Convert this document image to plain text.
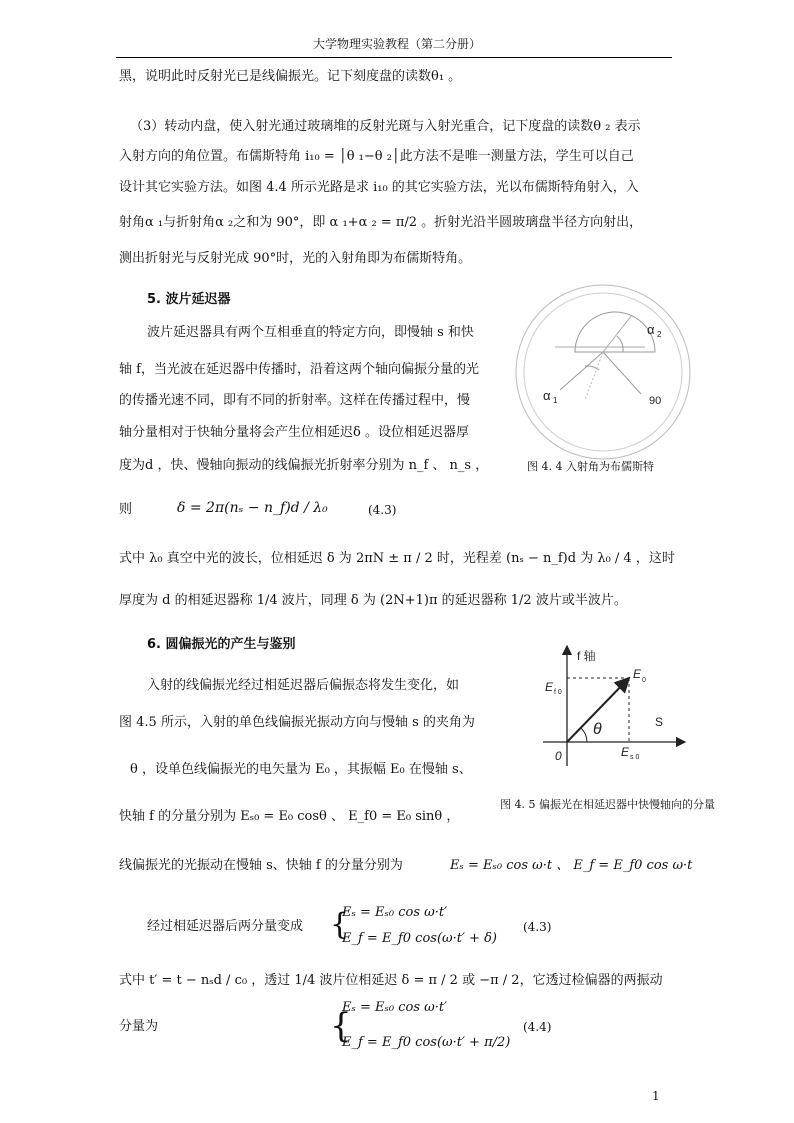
大学物理实验教程（第二分册）
黑，说明此时反射光已是线偏振光。记下刻度盘的读数θ₁ 。
（3）转动内盘，使入射光通过玻璃堆的反射光斑与入射光重合，记下度盘的读数θ ₂ 表示
入射方向的角位置。布儒斯特角 i₁₀ = │θ ₁−θ ₂│此方法不是唯一测量方法，学生可以自己
设计其它实验方法。如图 4.4 所示光路是求 i₁₀ 的其它实验方法，光以布儒斯特角射入，入
射角α ₁与折射角α ₂之和为 90°，即 α ₁+α ₂ = π/2 。折射光沿半圆玻璃盘半径方向射出，
测出折射光与反射光成 90°时，光的入射角即为布儒斯特角。
5. 波片延迟器
波片延迟器具有两个互相垂直的特定方向，即慢轴 s 和快
轴 f，当光波在延迟器中传播时，沿着这两个轴向偏振分量的光
的传播光速不同，即有不同的折射率。这样在传播过程中，慢
轴分量相对于快轴分量将会产生位相延迟δ 。设位相延迟器厚
度为d ，快、慢轴向振动的线偏振光折射率分别为 n_f 、 n_s ，
α 2
α 1	90
图 4. 4 入射角为布儒斯特
则	δ = 2π(nₛ − n_f)d / λ₀	(4.3)
式中 λ₀ 真空中光的波长，位相延迟 δ 为 2πN ± π / 2 时，光程差 (nₛ − n_f)d 为 λ₀ / 4 ，这时
厚度为 d 的相延迟器称 1/4 波片，同理 δ 为 (2N+1)π 的延迟器称 1/2 波片或半波片。
6. 圆偏振光的产生与鉴别
入射的线偏振光经过相延迟器后偏振态将发生变化，如
图 4.5 所示，入射的单色线偏振光振动方向与慢轴 s 的夹角为
θ ，设单色线偏振光的电矢量为 E₀ ，其振幅 E₀ 在慢轴 s、
快轴 f 的分量分别为 Eₛ₀ = E₀ cosθ 、 E_f0 = E₀ sinθ ，
f 轴
S
0
θ
E 0
E f 0
E s 0
图 4. 5 偏振光在相延迟器中快慢轴向的分量
线偏振光的光振动在慢轴 s、快轴 f 的分量分别为	Eₛ = Eₛ₀ cos ω·t 、 E_f = E_f0 cos ω·t
经过相延迟器后两分量变成 {
Eₛ = Eₛ₀ cos ω·t′
E_f = E_f0 cos(ω·t′ + δ)
(4.3)
式中 t′ = t − nₛd / c₀ ，透过 1/4 波片位相延迟 δ = π / 2 或 −π / 2，它透过检偏器的两振动
分量为	{
Eₛ = Eₛ₀ cos ω·t′
E_f = E_f0 cos(ω·t′ + π/2)
(4.4)
1
